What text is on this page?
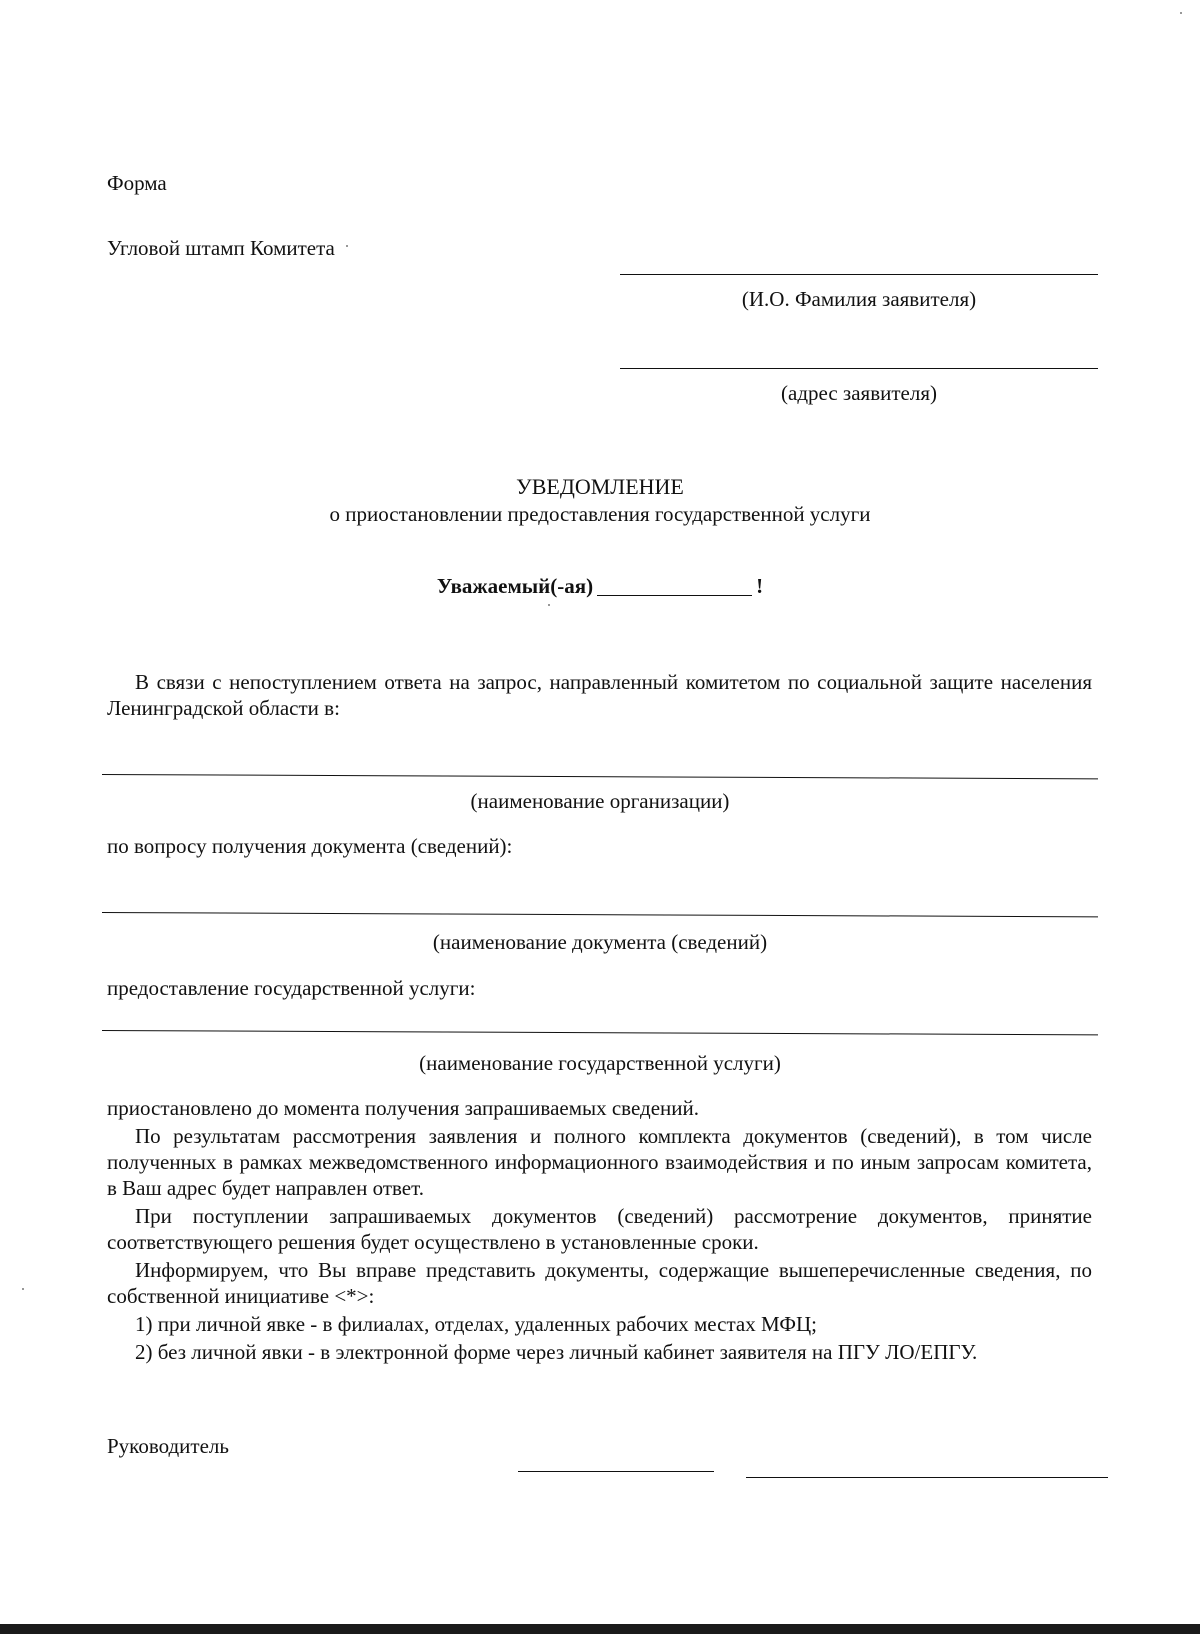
Форма
Угловой штамп Комитета
(И.О. Фамилия заявителя)
(адрес заявителя)
УВЕДОМЛЕНИЕ
о приостановлении предоставления государственной услуги
Уважаемый(-ая)	!
В связи с непоступлением ответа на запрос, направленный комитетом по социальной защите населения Ленинградской области в:
(наименование организации)
по вопросу получения документа (сведений):
(наименование документа (сведений)
предоставление государственной услуги:
(наименование государственной услуги)
приостановлено до момента получения запрашиваемых сведений.
По результатам рассмотрения заявления и полного комплекта документов (сведений), в том числе полученных в рамках межведомственного информационного взаимодействия и по иным запросам комитета, в Ваш адрес будет направлен ответ.
При поступлении запрашиваемых документов (сведений) рассмотрение документов, принятие соответствующего решения будет осуществлено в установленные сроки.
Информируем, что Вы вправе представить документы, содержащие вышеперечисленные сведения, по собственной инициативе <*>:
1) при личной явке - в филиалах, отделах, удаленных рабочих местах МФЦ;
2) без личной явки - в электронной форме через личный кабинет заявителя на ПГУ ЛО/ЕПГУ.
Руководитель
